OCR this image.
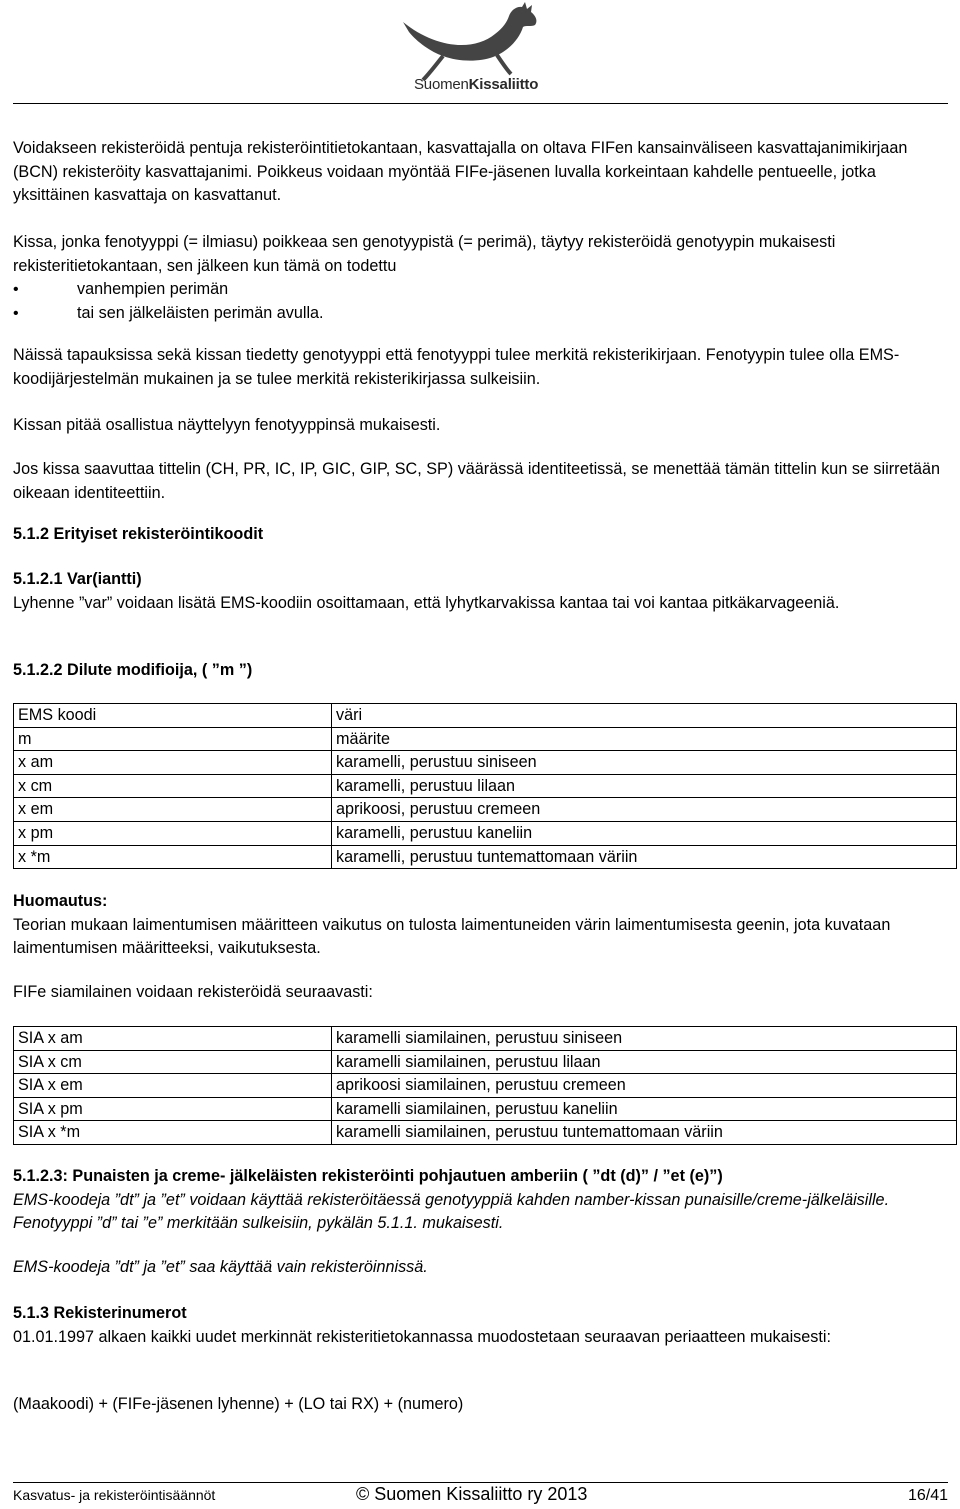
SuomenKissaliitto

Voidakseen rekisteröidä pentuja rekisteröintitietokantaan, kasvattajalla on oltava FIFen kansainväliseen kasvattajanimikirjaan (BCN) rekisteröity kasvattajanimi. Poikkeus voidaan myöntää FIFe-jäsenen luvalla korkeintaan kahdelle pentueelle, jotka yksittäinen kasvattaja on kasvattanut.

Kissa, jonka fenotyyppi (= ilmiasu) poikkeaa sen genotyypistä (= perimä), täytyy rekisteröidä genotyypin mukaisesti rekisteritietokantaan, sen jälkeen kun tämä on todettu

• vanhempien perimän
• tai sen jälkeläisten perimän avulla.

Näissä tapauksissa sekä kissan tiedetty genotyyppi että fenotyyppi tulee merkitä rekisterikirjaan. Fenotyypin tulee olla EMS-koodijärjestelmän mukainen ja se tulee merkitä rekisterikirjassa sulkeisiin.

Kissan pitää osallistua näyttelyyn fenotyyppinsä mukaisesti.

Jos kissa saavuttaa tittelin (CH, PR, IC, IP, GIC, GIP, SC, SP) väärässä identiteetissä, se menettää tämän tittelin kun se siirretään oikeaan identiteettiin.

5.1.2 Erityiset rekisteröintikoodit
5.1.2.1 Var(iantti)

Lyhenne ”var” voidaan lisätä EMS-koodiin osoittamaan, että lyhytkarvakissa kantaa tai voi kantaa pitkäkarvageeniä.

5.1.2.2 Dilute modifioija, ( ”m ”)
EMS koodi	väri
m	määrite
x am	karamelli, perustuu siniseen
x cm	karamelli, perustuu lilaan
x em	aprikoosi, perustuu cremeen
x pm	karamelli, perustuu kaneliin
x *m	karamelli, perustuu tuntemattomaan väriin
Huomautus:

Teorian mukaan laimentumisen määritteen vaikutus on tulosta laimentuneiden värin laimentumisesta geenin, jota kuvataan laimentumisen määritteeksi, vaikutuksesta.

FIFe siamilainen voidaan rekisteröidä seuraavasti:

SIA x am	karamelli siamilainen, perustuu siniseen
SIA x cm	karamelli siamilainen, perustuu lilaan
SIA x em	aprikoosi siamilainen, perustuu cremeen
SIA x pm	karamelli siamilainen, perustuu kaneliin
SIA x *m	karamelli siamilainen, perustuu tuntemattomaan väriin
5.1.2.3: Punaisten ja creme- jälkeläisten rekisteröinti pohjautuen amberiin ( ”dt (d)” / ”et (e)”)

EMS-koodeja ”dt” ja ”et” voidaan käyttää rekisteröitäessä genotyyppiä kahden namber-kissan punaisille/creme-jälkeläisille. Fenotyyppi ”d” tai ”e” merkitään sulkeisiin, pykälän 5.1.1. mukaisesti.

EMS-koodeja ”dt” ja ”et” saa käyttää vain rekisteröinnissä.

5.1.3 Rekisterinumerot

01.01.1997 alkaen kaikki uudet merkinnät rekisteritietokannassa muodostetaan seuraavan periaatteen mukaisesti:

(Maakoodi) + (FIFe-jäsenen lyhenne) + (LO tai RX) + (numero)

Kasvatus- ja rekisteröintisäännöt	© Suomen Kissaliitto ry 2013	16/41
